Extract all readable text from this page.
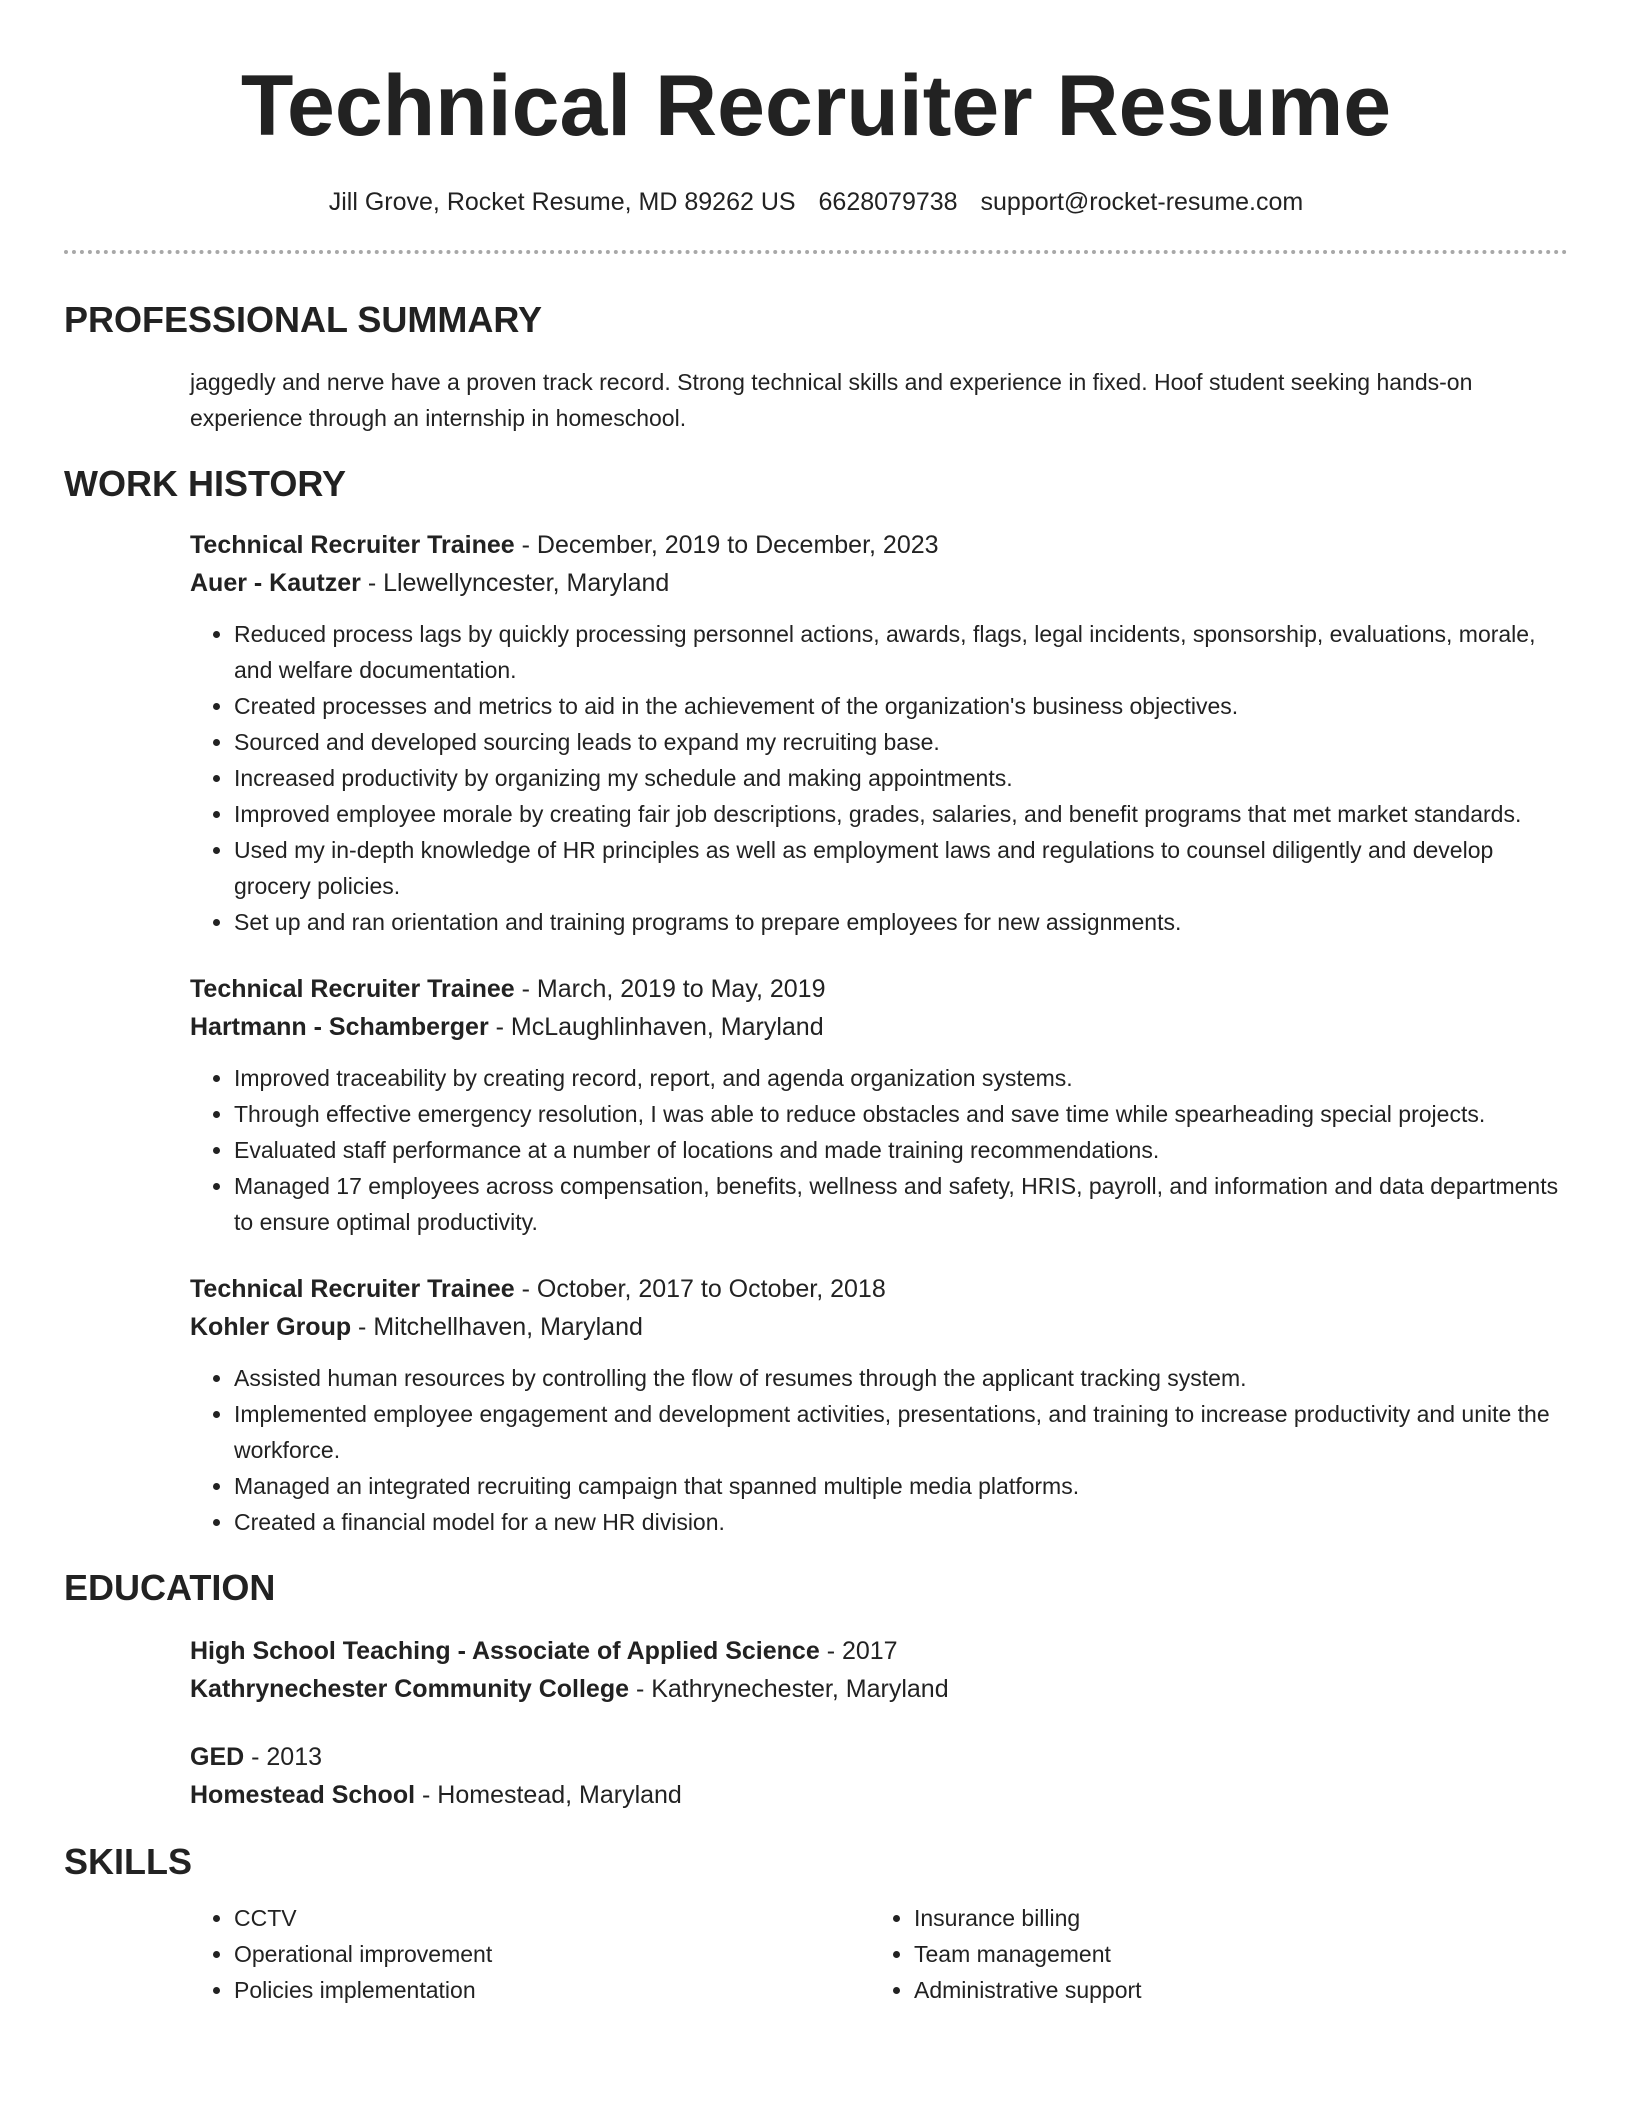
Technical Recruiter Resume
Jill Grove, Rocket Resume, MD 89262 US 6628079738 support@rocket-resume.com
PROFESSIONAL SUMMARY

jaggedly and nerve have a proven track record. Strong technical skills and experience in fixed. Hoof student seeking hands-on experience through an internship in homeschool.

WORK HISTORY
Technical Recruiter Trainee - December, 2019 to December, 2023
Auer - Kautzer - Llewellyncester, Maryland
• Reduced process lags by quickly processing personnel actions, awards, flags, legal incidents, sponsorship, evaluations, morale, and welfare documentation.
• Created processes and metrics to aid in the achievement of the organization's business objectives.
• Sourced and developed sourcing leads to expand my recruiting base.
• Increased productivity by organizing my schedule and making appointments.
• Improved employee morale by creating fair job descriptions, grades, salaries, and benefit programs that met market standards.
• Used my in-depth knowledge of HR principles as well as employment laws and regulations to counsel diligently and develop grocery policies.
• Set up and ran orientation and training programs to prepare employees for new assignments.
Technical Recruiter Trainee - March, 2019 to May, 2019
Hartmann - Schamberger - McLaughlinhaven, Maryland
• Improved traceability by creating record, report, and agenda organization systems.
• Through effective emergency resolution, I was able to reduce obstacles and save time while spearheading special projects.
• Evaluated staff performance at a number of locations and made training recommendations.
• Managed 17 employees across compensation, benefits, wellness and safety, HRIS, payroll, and information and data departments to ensure optimal productivity.
Technical Recruiter Trainee - October, 2017 to October, 2018
Kohler Group - Mitchellhaven, Maryland
• Assisted human resources by controlling the flow of resumes through the applicant tracking system.
• Implemented employee engagement and development activities, presentations, and training to increase productivity and unite the workforce.
• Managed an integrated recruiting campaign that spanned multiple media platforms.
• Created a financial model for a new HR division.
EDUCATION
High School Teaching - Associate of Applied Science - 2017
Kathrynechester Community College - Kathrynechester, Maryland
GED - 2013
Homestead School - Homestead, Maryland
SKILLS
• CCTV
• Operational improvement
• Policies implementation
• Insurance billing
• Team management
• Administrative support
